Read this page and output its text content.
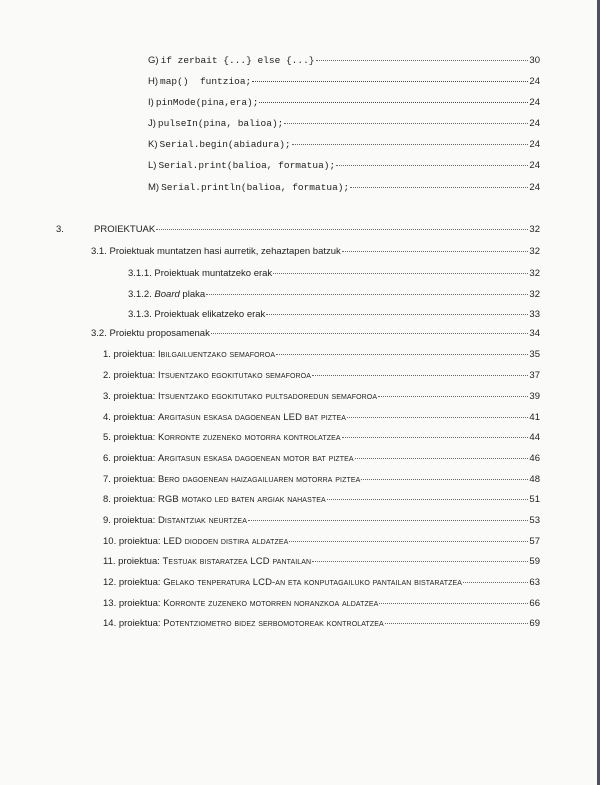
G) if zerbait {...} else {...}	30
H) map()  funtzioa;	24
I) pinMode(pina,era);	24
J) pulseIn(pina, balioa);	24
K) Serial.begin(abiadura);	24
L) Serial.print(balioa, formatua);	24
M) Serial.println(balioa, formatua);	24
3.	PROIEKTUAK	32
3.1. Proiektuak muntatzen hasi aurretik, zehaztapen batzuk	32
3.1.1. Proiektuak muntatzeko erak	32
3.1.2. Board plaka	32
3.1.3. Proiektuak elikatzeko erak	33
3.2. Proiektu proposamenak	34
1. proiektua: Ibilgailuentzako semaforoa	35
2. proiektua: Itsuentzako egokitutako semaforoa	37
3. proiektua: Itsuentzako egokitutako pultsadoredun semaforoa	39
4. proiektua: Argitasun eskasa dagoenean LED bat piztea	41
5. proiektua: Korronte zuzeneko motorra kontrolatzea	44
6. proiektua: Argitasun eskasa dagoenean motor bat piztea	46
7. proiektua: Bero dagoenean haizagailuaren motorra piztea	48
8. proiektua: RGB motako led baten argiak nahastea	51
9. proiektua: Distantziak neurtzea	53
10. proiektua: LED diodoen distira aldatzea	57
11. proiektua: Testuak bistaratzea LCD pantailan	59
12. proiektua: Gelako tenperatura LCD-an eta konputagailuko pantailan bistaratzea	63
13. proiektua: Korronte zuzeneko motorren noranzkoa aldatzea	66
14. proiektua: Potentziometro bidez serbomotoreak kontrolatzea	69
